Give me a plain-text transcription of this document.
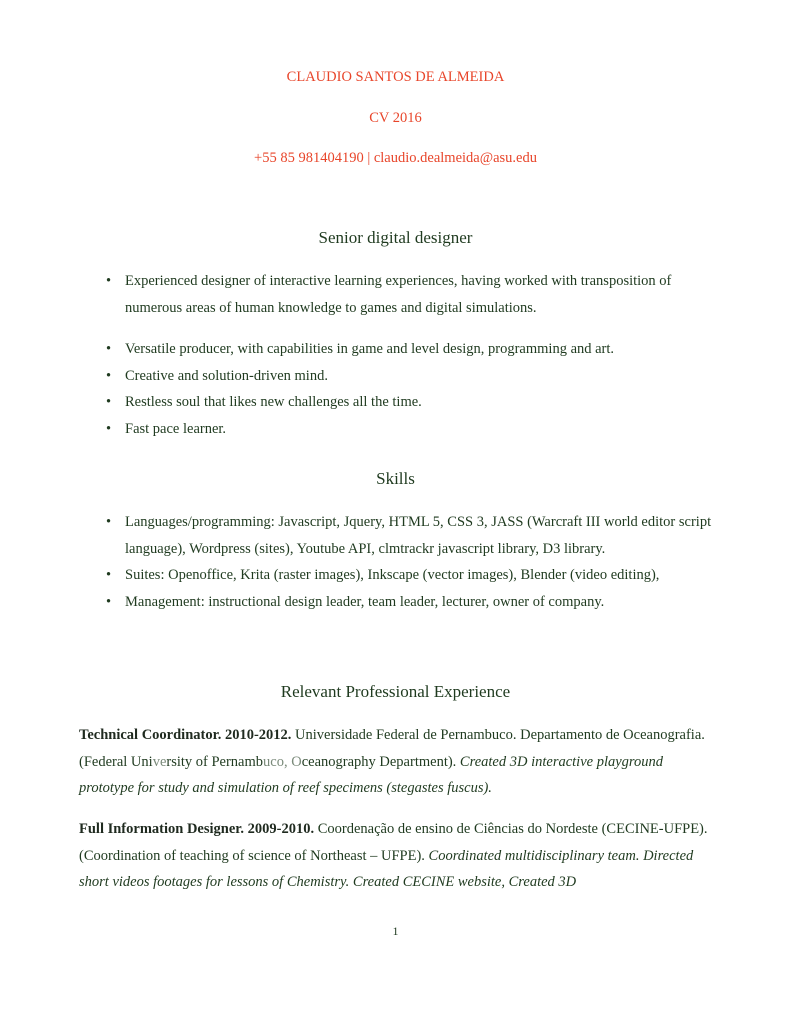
CLAUDIO SANTOS DE ALMEIDA
CV 2016
+55 85 981404190 | claudio.dealmeida@asu.edu
Senior digital designer
• Experienced designer of interactive learning experiences, having worked with transposition of numerous areas of human knowledge to games and digital simulations.
• Versatile producer, with capabilities in game and level design, programming and art.
• Creative and solution-driven mind.
• Restless soul that likes new challenges all the time.
• Fast pace learner.
Skills
• Languages/programming: Javascript, Jquery, HTML 5, CSS 3, JASS (Warcraft III world editor script language), Wordpress (sites), Youtube API, clmtrackr javascript library, D3 library.
• Suites: Openoffice, Krita (raster images), Inkscape (vector images), Blender (video editing),
• Management: instructional design leader, team leader, lecturer, owner of company.
Relevant Professional Experience
Technical Coordinator. 2010-2012. Universidade Federal de Pernambuco. Departamento de Oceanografia. (Federal University of Pernambuco, Oceanography Department). Created 3D interactive playground prototype for study and simulation of reef specimens (stegastes fuscus).
Full Information Designer. 2009-2010. Coordenação de ensino de Ciências do Nordeste (CECINE-UFPE). (Coordination of teaching of science of Northeast – UFPE). Coordinated multidisciplinary team. Directed short videos footages for lessons of Chemistry. Created CECINE website, Created 3D
1
